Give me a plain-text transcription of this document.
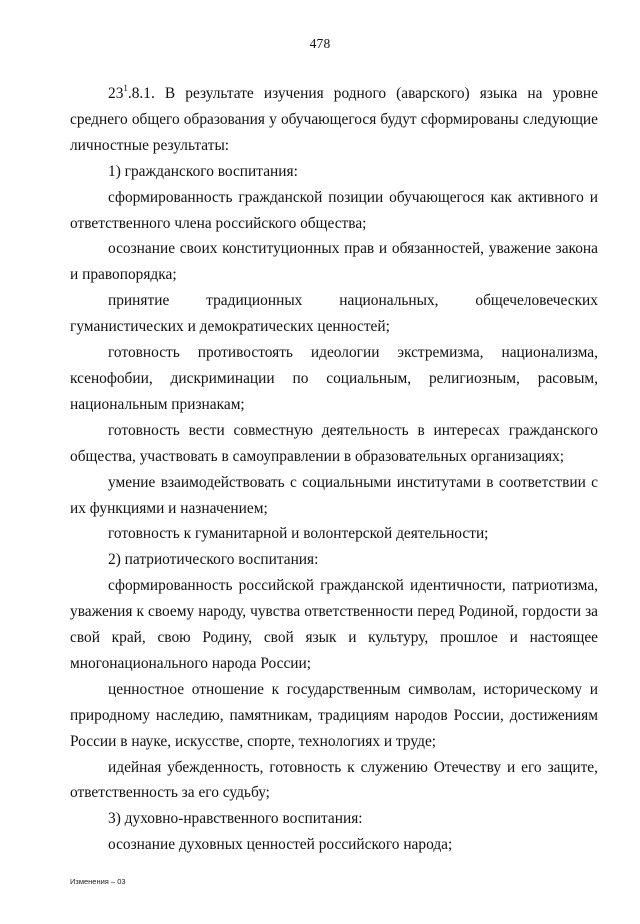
478

$23^1.8.1$. В результате изучения родного (аварского) языка на уровне среднего общего образования у обучающегося будут сформированы следующие личностные результаты:

1) гражданского воспитания:

сформированность гражданской позиции обучающегося как активного и ответственного члена российского общества;

осознание своих конституционных прав и обязанностей, уважение закона и правопорядка;

принятие традиционных национальных, общечеловеческих гуманистических и демократических ценностей;

готовность противостоять идеологии экстремизма, национализма, ксенофобии, дискриминации по социальным, религиозным, расовым, национальным признакам;

готовность вести совместную деятельность в интересах гражданского общества, участвовать в самоуправлении в образовательных организациях;

умение взаимодействовать с социальными институтами в соответствии с их функциями и назначением;

готовность к гуманитарной и волонтерской деятельности;

2) патриотического воспитания:

сформированность российской гражданской идентичности, патриотизма, уважения к своему народу, чувства ответственности перед Родиной, гордости за свой край, свою Родину, свой язык и культуру, прошлое и настоящее многонационального народа России;

ценностное отношение к государственным символам, историческому и природному наследию, памятникам, традициям народов России, достижениям России в науке, искусстве, спорте, технологиях и труде;

идейная убежденность, готовность к служению Отечеству и его защите, ответственность за его судьбу;

3) духовно-нравственного воспитания:

осознание духовных ценностей российского народа;

Изменения – 03
